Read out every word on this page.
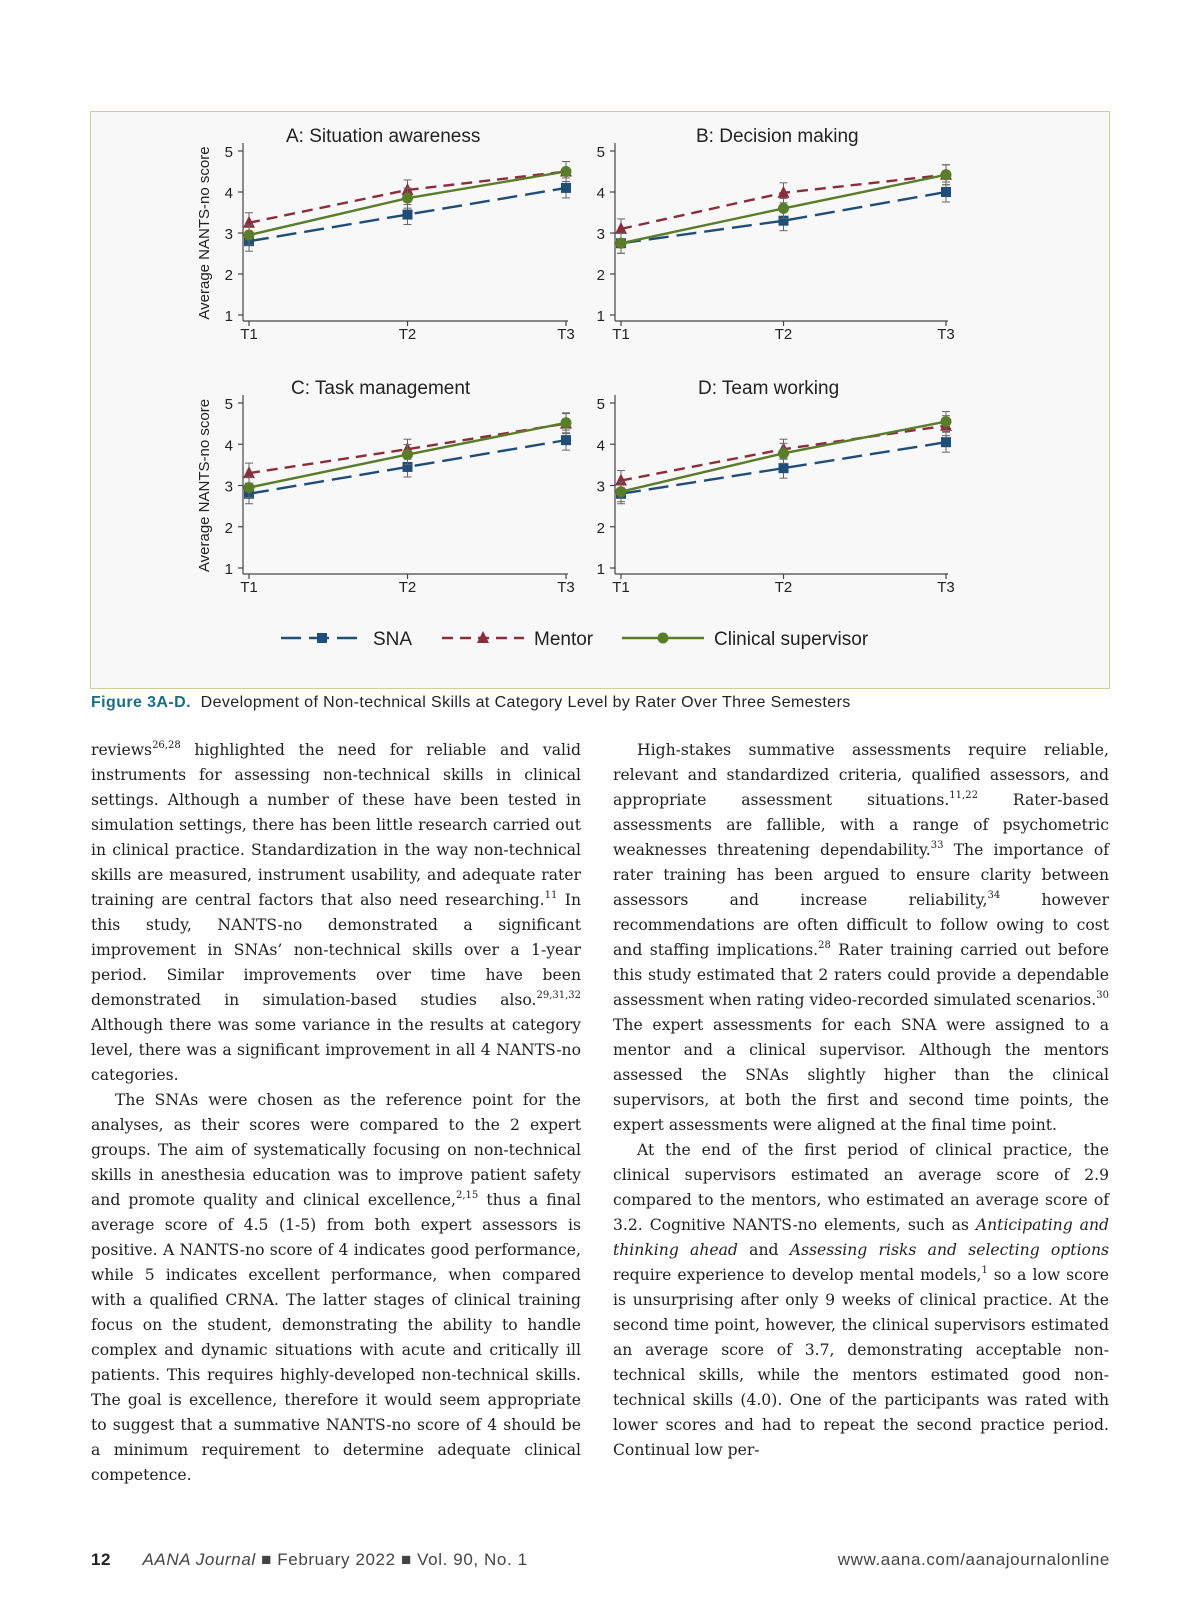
A: Situation awareness
1
2
3
4
5
T1	T2	T3
Average NANTS-no score
B: Decision making
1
2
3
4
5
T1	T2	T3
C: Task management
1
2
3
4
5
T1	T2	T3
Average NANTS-no score
D: Team working
1
2
3
4
5
T1	T2	T3
SNA	Mentor	Clinical supervisor
Figure 3A-D. Development of Non-technical Skills at Category Level by Rater Over Three Semesters

reviews$^{26,28}$ highlighted the need for reliable and valid instruments for assessing non-technical skills in clinical settings. Although a number of these have been tested in simulation settings, there has been little research carried out in clinical practice. Standardization in the way non-technical skills are measured, instrument usability, and adequate rater training are central factors that also need researching.$^{11}$ In this study, NANTS-no demonstrated a significant improvement in SNAs’ non-technical skills over a 1-year period. Similar improvements over time have been demonstrated in simulation-based studies also.$^{29,31,32}$ Although there was some variance in the results at category level, there was a significant improvement in all 4 NANTS-no categories.

The SNAs were chosen as the reference point for the analyses, as their scores were compared to the 2 expert groups. The aim of systematically focusing on non-technical skills in anesthesia education was to improve patient safety and promote quality and clinical excellence,$^{2,15}$ thus a final average score of 4.5 (1-5) from both expert assessors is positive. A NANTS-no score of 4 indicates good performance, while 5 indicates excellent performance, when compared with a qualified CRNA. The latter stages of clinical training focus on the student, demonstrating the ability to handle complex and dynamic situations with acute and critically ill patients. This requires highly-developed non-technical skills. The goal is excellence, therefore it would seem appropriate to suggest that a summative NANTS-no score of 4 should be a minimum requirement to determine adequate clinical competence.

High-stakes summative assessments require reliable, relevant and standardized criteria, qualified assessors, and appropriate assessment situations.$^{11,22}$ Rater-based assessments are fallible, with a range of psychometric weaknesses threatening dependability.$^{33}$ The importance of rater training has been argued to ensure clarity between assessors and increase reliability,$^{34}$ however recommendations are often difficult to follow owing to cost and staffing implications.$^{28}$ Rater training carried out before this study estimated that 2 raters could provide a dependable assessment when rating video-recorded simulated scenarios.$^{30}$ The expert assessments for each SNA were assigned to a mentor and a clinical supervisor. Although the mentors assessed the SNAs slightly higher than the clinical supervisors, at both the first and second time points, the expert assessments were aligned at the final time point.

At the end of the first period of clinical practice, the clinical supervisors estimated an average score of 2.9 compared to the mentors, who estimated an average score of 3.2. Cognitive NANTS-no elements, such as Anticipating and thinking ahead and Assessing risks and selecting options require experience to develop mental models,$^1$ so a low score is unsurprising after only 9 weeks of clinical practice. At the second time point, however, the clinical supervisors estimated an average score of 3.7, demonstrating acceptable non-technical skills, while the mentors estimated good non-technical skills (4.0). One of the participants was rated with lower scores and had to repeat the second practice period. Continual low per-

12 AANA Journal ■ February 2022 ■ Vol. 90, No. 1	www.aana.com/aanajournalonline
